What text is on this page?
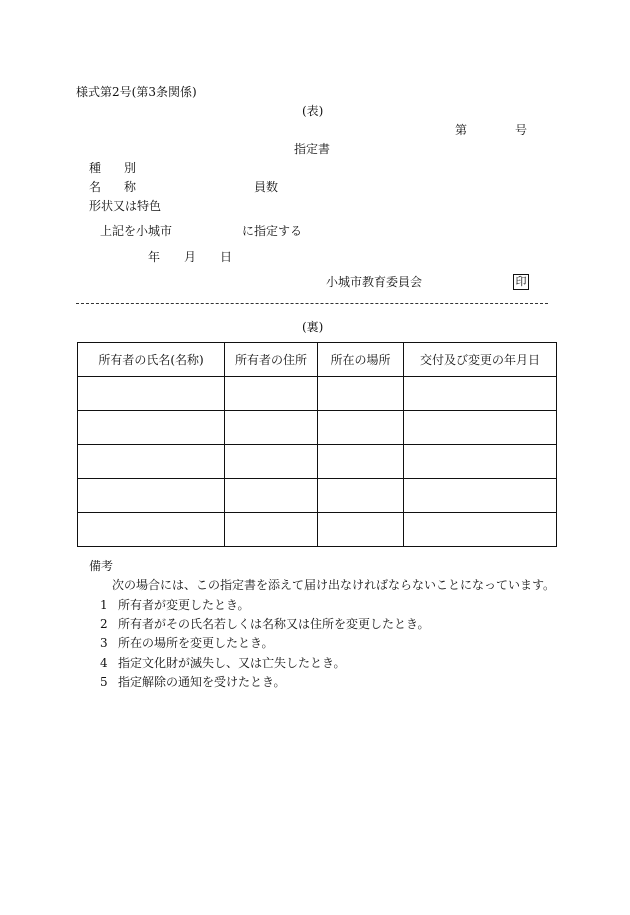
様式第2号(第3条関係)
(表)
第	号
指定書
種 別
名 称	員数
形状又は特色
上記を小城市	に指定する
年 月 日
小城市教育委員会	印
(裏)
所有者の氏名(名称)	所有者の住所	所在の場所	交付及び変更の年月日

備考
次の場合には、この指定書を添えて届け出なければならないことになっています。
1 所有者が変更したとき。
2 所有者がその氏名若しくは名称又は住所を変更したとき。
3 所在の場所を変更したとき。
4 指定文化財が滅失し、又は亡失したとき。
5 指定解除の通知を受けたとき。
